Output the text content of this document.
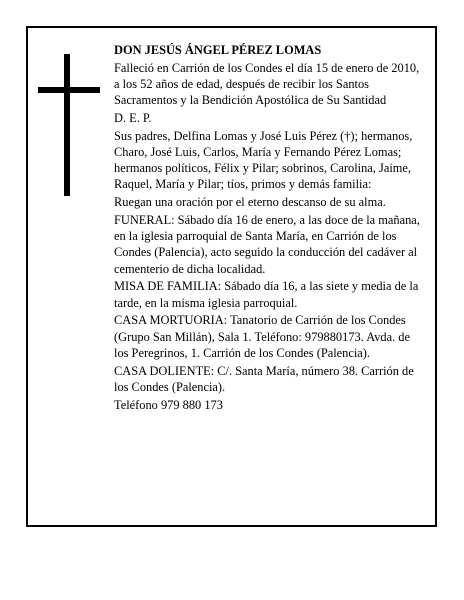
DON JESÚS ÁNGEL PÉREZ LOMAS

Falleció en Carrión de los Condes el día 15 de enero de 2010, a los 52 años de edad, después de recibir los Santos Sacramentos y la Bendición Apostólica de Su Santidad

D. E. P.

Sus padres, Delfina Lomas y José Luis Pérez (†); hermanos, Charo, José Luis, Carlos, María y Fernando Pérez Lomas; hermanos políticos, Félix y Pilar; sobrinos, Carolina, Jaime, Raquel, María y Pilar; tíos, primos y demás familia:

Ruegan una oración por el eterno descanso de su alma.

FUNERAL: Sábado día 16 de enero, a las doce de la mañana, en la iglesia parroquial de Santa María, en Carrión de los Condes (Palencia), acto seguido la conducción del cadáver al cementerio de dicha localidad.

MISA DE FAMILIA: Sábado día 16, a las siete y media de la tarde, en la misma iglesia parroquial.

CASA MORTUORIA: Tanatorio de Carrión de los Condes (Grupo San Millán), Sala 1. Teléfono: 979880173. Avda. de los Peregrinos, 1. Carrión de los Condes (Palencia).

CASA DOLIENTE: C/. Santa María, número 38. Carrión de los Condes (Palencia).

Teléfono 979 880 173
